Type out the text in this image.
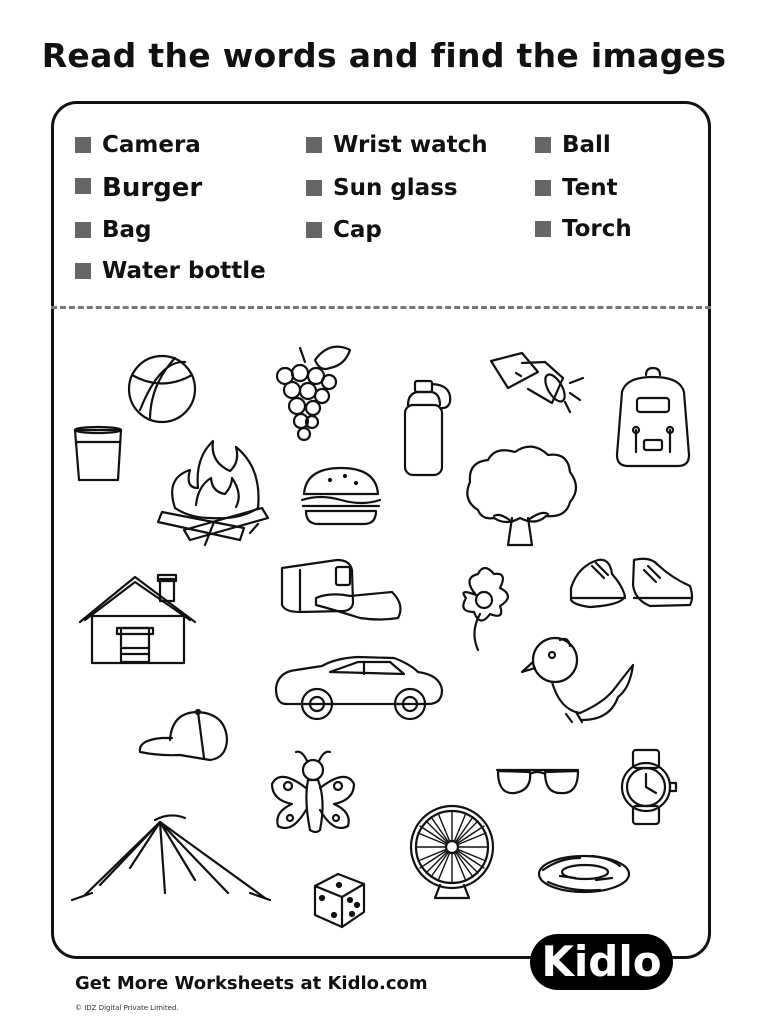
Read the words and find the images
Camera
Burger
Bag
Water bottle
Wrist watch
Sun glass
Cap
Ball
Tent
Torch
Get More Worksheets at Kidlo.com
© IDZ Digital Private Limited.
Kidlo
